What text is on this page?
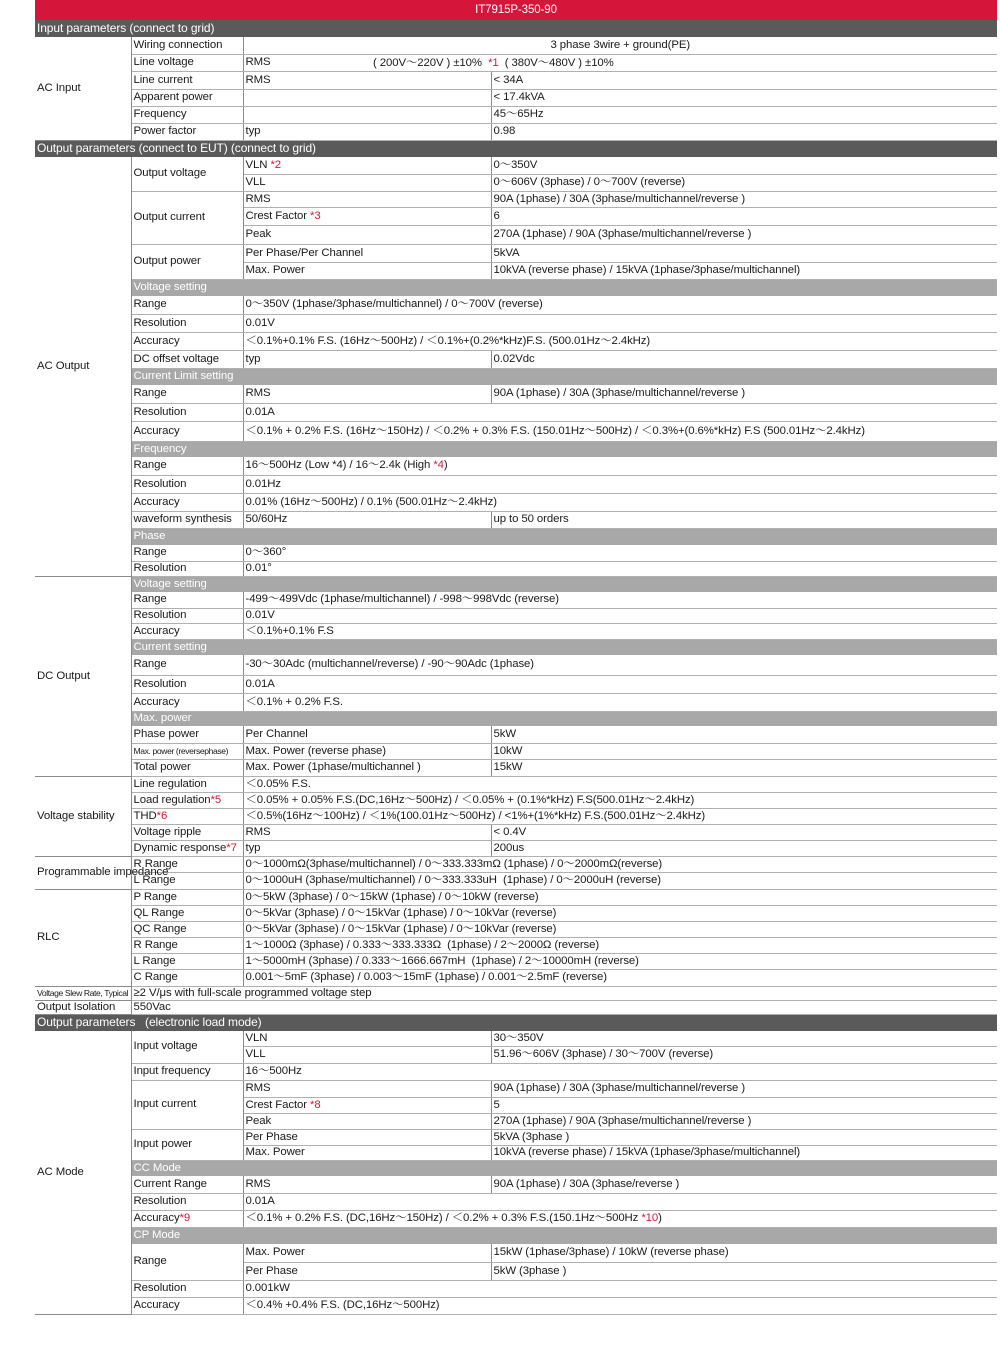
IT7915P-350-90			
Input parameters (connect to grid)			
AC Input	Wiring connection	3 phase 3wire + ground(PE)	
	Line voltage	RMS	( 200V～220V ) ±10%  *1  ( 380V～480V ) ±10%

	Line current	RMS	< 34A
	Apparent power		< 17.4kVA
	Frequency		45～65Hz
	Power factor	typ	0.98
Output parameters (connect to EUT) (connect to grid)			
AC Output	Output voltage	VLN *2	0～350V
		VLL	0～606V (3phase) / 0～700V (reverse)
	Output current	RMS	90A (1phase) / 30A (3phase/multichannel/reverse )
		Crest Factor *3	6
		Peak	270A (1phase) / 90A (3phase/multichannel/reverse )
	Output power	Per Phase/Per Channel	5kVA
		Max. Power	10kVA (reverse phase) / 15kVA (1phase/3phase/multichannel)
	Voltage setting		
	Range	0～350V (1phase/3phase/multichannel) / 0～700V (reverse)	
	Resolution	0.01V	
	Accuracy	＜0.1%+0.1% F.S. (16Hz～500Hz) / ＜0.1%+(0.2%*kHz)F.S. (500.01Hz～2.4kHz)	
	DC offset voltage	typ	0.02Vdc
	Current Limit setting		
	Range	RMS	90A (1phase) / 30A (3phase/multichannel/reverse )
	Resolution	0.01A	
	Accuracy	＜0.1% + 0.2% F.S. (16Hz～150Hz) / ＜0.2% + 0.3% F.S. (150.01Hz～500Hz) / ＜0.3%+(0.6%*kHz) F.S (500.01Hz～2.4kHz)	
	Frequency		
	Range	16～500Hz (Low *4) / 16～2.4k (High *4)	
	Resolution	0.01Hz	
	Accuracy	0.01% (16Hz～500Hz) / 0.1% (500.01Hz～2.4kHz)	
	waveform synthesis	50/60Hz	up to 50 orders
	Phase		
	Range	0～360°	
	Resolution	0.01°	
DC Output	Voltage setting		
	Range	-499～499Vdc (1phase/multichannel) / -998～998Vdc (reverse)	
	Resolution	0.01V	
	Accuracy	＜0.1%+0.1% F.S	
	Current setting		
	Range	-30～30Adc (multichannel/reverse) / -90～90Adc (1phase)	
	Resolution	0.01A	
	Accuracy	＜0.1% + 0.2% F.S.	
	Max. power		
	Phase power	Per Channel	5kW
	Max. power (reversephase)	Max. Power (reverse phase)	10kW
	Total power	Max. Power (1phase/multichannel )	15kW
Voltage stability	Line regulation	＜0.05% F.S.	
	Load regulation*5	＜0.05% + 0.05% F.S.(DC,16Hz～500Hz) / ＜0.05% + (0.1%*kHz) F.S(500.01Hz～2.4kHz)	
	THD*6	＜0.5%(16Hz～100Hz) / ＜1%(100.01Hz～500Hz) / <1%+(1%*kHz) F.S.(500.01Hz～2.4kHz)	
	Voltage ripple	RMS	< 0.4V
	Dynamic response*7	typ	200us
Programmable impedance	R Range	0～1000mΩ(3phase/multichannel) / 0～333.333mΩ (1phase) / 0～2000mΩ(reverse)	
	L Range	0～1000uH (3phase/multichannel) / 0～333.333uH  (1phase) / 0～2000uH (reverse)	
RLC	P Range	0～5kW (3phase) / 0～15kW (1phase) / 0～10kW (reverse)	
	QL Range	0～5kVar (3phase) / 0～15kVar (1phase) / 0～10kVar (reverse)	
	QC Range	0～5kVar (3phase) / 0～15kVar (1phase) / 0～10kVar (reverse)	
	R Range	1～1000Ω (3phase) / 0.333～333.333Ω  (1phase) / 2～2000Ω (reverse)	
	L Range	1～5000mH (3phase) / 0.333～1666.667mH  (1phase) / 2～10000mH (reverse)	
	C Range	0.001～5mF (3phase) / 0.003～15mF (1phase) / 0.001～2.5mF (reverse)	
Voltage Slew Rate, Typical	≥2 V/μs with full-scale programmed voltage step		
Output Isolation	550Vac		
Output parameters   (electronic load mode)			
AC Mode	Input voltage	VLN	30～350V
		VLL	51.96～606V (3phase) / 30～700V (reverse)
	Input frequency	16～500Hz	
	Input current	RMS	90A (1phase) / 30A (3phase/multichannel/reverse )
		Crest Factor *8	5
		Peak	270A (1phase) / 90A (3phase/multichannel/reverse )
	Input power	Per Phase	5kVA (3phase )
		Max. Power	10kVA (reverse phase) / 15kVA (1phase/3phase/multichannel)
	CC Mode		
	Current Range	RMS	90A (1phase) / 30A (3phase/reverse )
	Resolution	0.01A	
	Accuracy*9	＜0.1% + 0.2% F.S. (DC,16Hz～150Hz) / ＜0.2% + 0.3% F.S.(150.1Hz～500Hz *10)	
	CP Mode		
	Range	Max. Power	15kW (1phase/3phase) / 10kW (reverse phase)
		Per Phase	5kW (3phase )
	Resolution	0.001kW	
	Accuracy	＜0.4% +0.4% F.S. (DC,16Hz～500Hz)	
